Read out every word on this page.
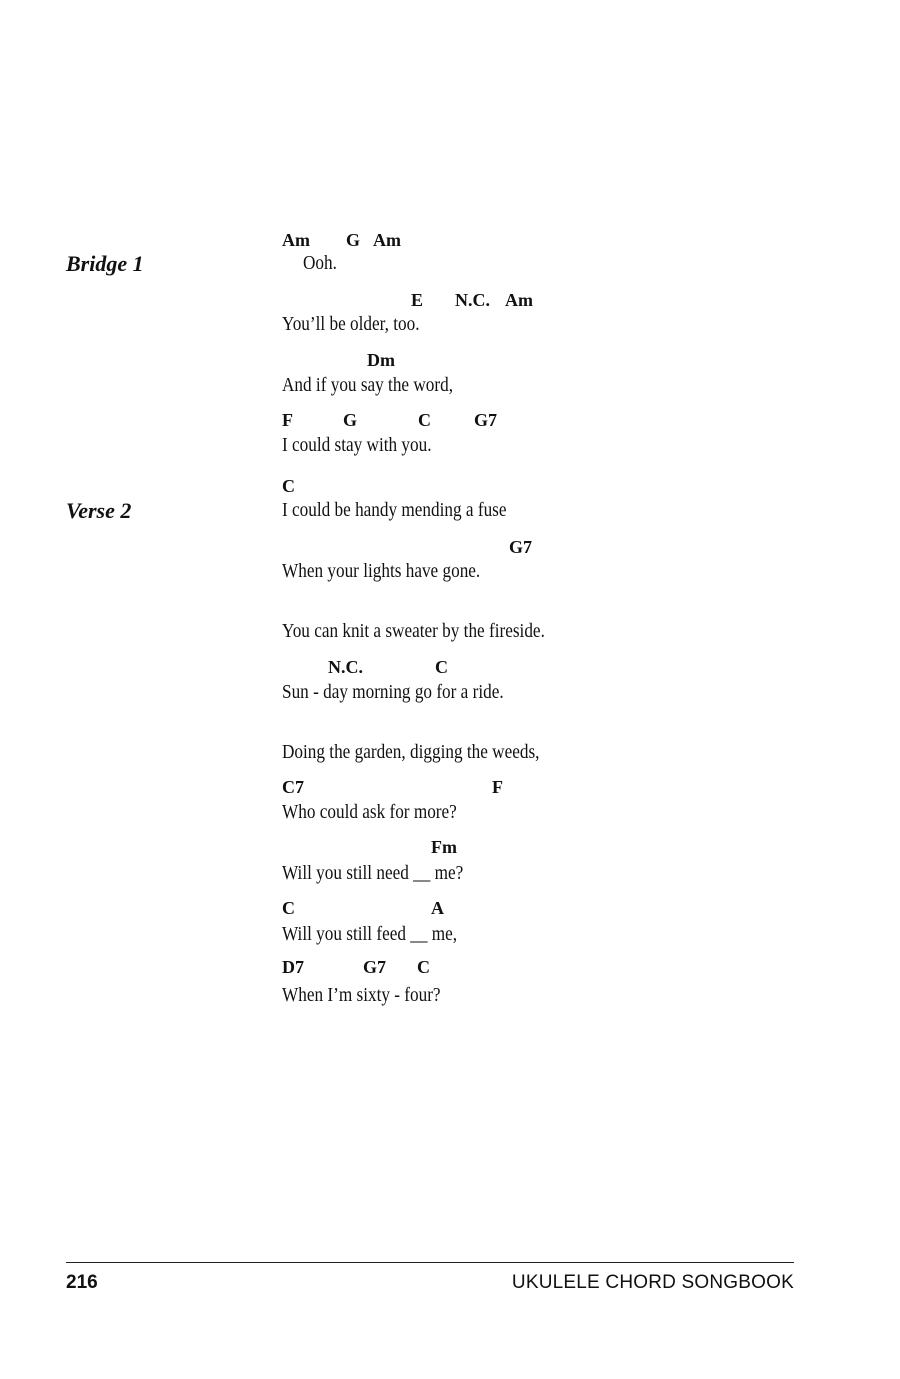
Bridge 1
Verse 2
Am G Am
Ooh.
E N.C. Am
You’ll be older, too.
Dm
And if you say the word,
F	G	C G7
I could stay with you.
C
I could be handy mending a fuse
G7
When your lights have gone.
You can knit a sweater by the fireside.
N.C.	C
Sun - day morning go for a ride.
Doing the garden, digging the weeds,
C7	F
Who could ask for more?
Fm
Will you still need __ me?
C	A
Will you still feed __ me,
D7	G7 C
When I’m sixty - four?
216	UKULELE CHORD SONGBOOK
